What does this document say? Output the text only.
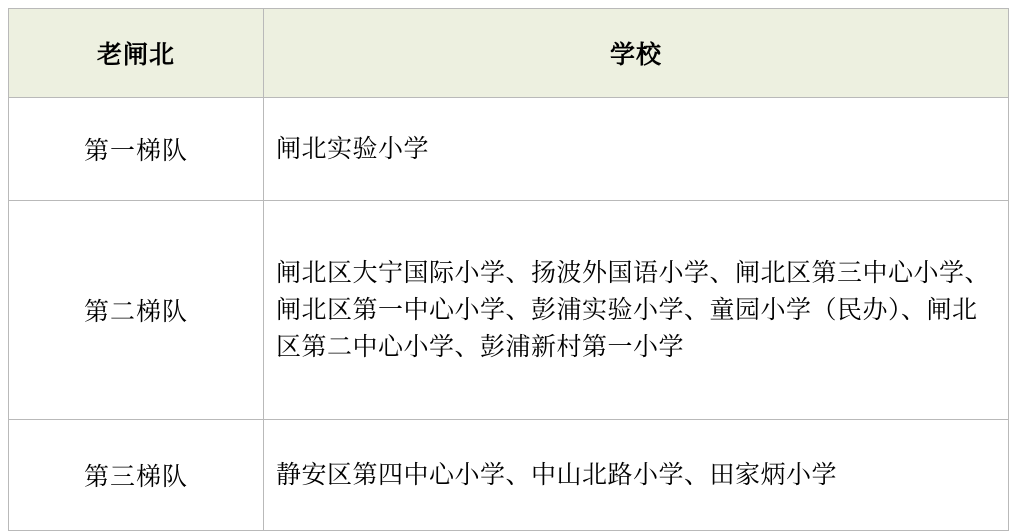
老闸北	学校
第一梯队	闸北实验小学
第二梯队	闸北区大宁国际小学、扬波外国语小学、闸北区第三中心小学、闸北区第一中心小学、彭浦实验小学、童园小学（民办）、闸北区第二中心小学、彭浦新村第一小学
第三梯队	静安区第四中心小学、中山北路小学、田家炳小学
